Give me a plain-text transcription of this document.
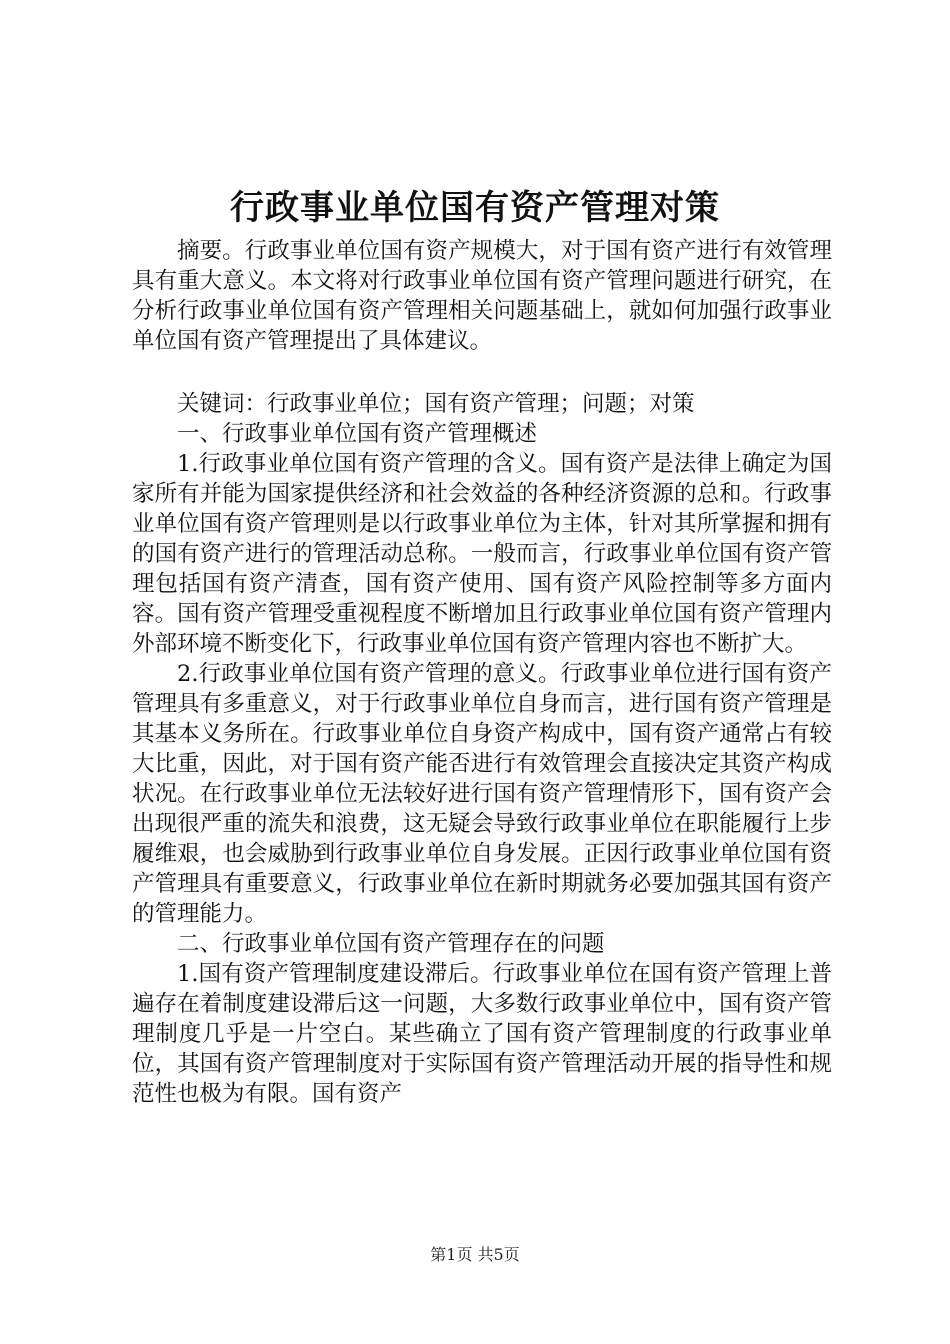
行政事业单位国有资产管理对策

摘要。行政事业单位国有资产规模大，对于国有资产进行有效管理具有重大意义。本文将对行政事业单位国有资产管理问题进行研究，在分析行政事业单位国有资产管理相关问题基础上，就如何加强行政事业单位国有资产管理提出了具体建议。

关键词：行政事业单位；国有资产管理；问题；对策

一、行政事业单位国有资产管理概述

1.行政事业单位国有资产管理的含义。国有资产是法律上确定为国家所有并能为国家提供经济和社会效益的各种经济资源的总和。行政事业单位国有资产管理则是以行政事业单位为主体，针对其所掌握和拥有的国有资产进行的管理活动总称。一般而言，行政事业单位国有资产管理包括国有资产清查，国有资产使用、国有资产风险控制等多方面内容。国有资产管理受重视程度不断增加且行政事业单位国有资产管理内外部环境不断变化下，行政事业单位国有资产管理内容也不断扩大。

2.行政事业单位国有资产管理的意义。行政事业单位进行国有资产管理具有多重意义，对于行政事业单位自身而言，进行国有资产管理是其基本义务所在。行政事业单位自身资产构成中，国有资产通常占有较大比重，因此，对于国有资产能否进行有效管理会直接决定其资产构成状况。在行政事业单位无法较好进行国有资产管理情形下，国有资产会出现很严重的流失和浪费，这无疑会导致行政事业单位在职能履行上步履维艰，也会威胁到行政事业单位自身发展。正因行政事业单位国有资产管理具有重要意义，行政事业单位在新时期就务必要加强其国有资产的管理能力。

二、行政事业单位国有资产管理存在的问题

1.国有资产管理制度建设滞后。行政事业单位在国有资产管理上普遍存在着制度建设滞后这一问题，大多数行政事业单位中，国有资产管理制度几乎是一片空白。某些确立了国有资产管理制度的行政事业单位，其国有资产管理制度对于实际国有资产管理活动开展的指导性和规范性也极为有限。国有资产

第1页 共5页
